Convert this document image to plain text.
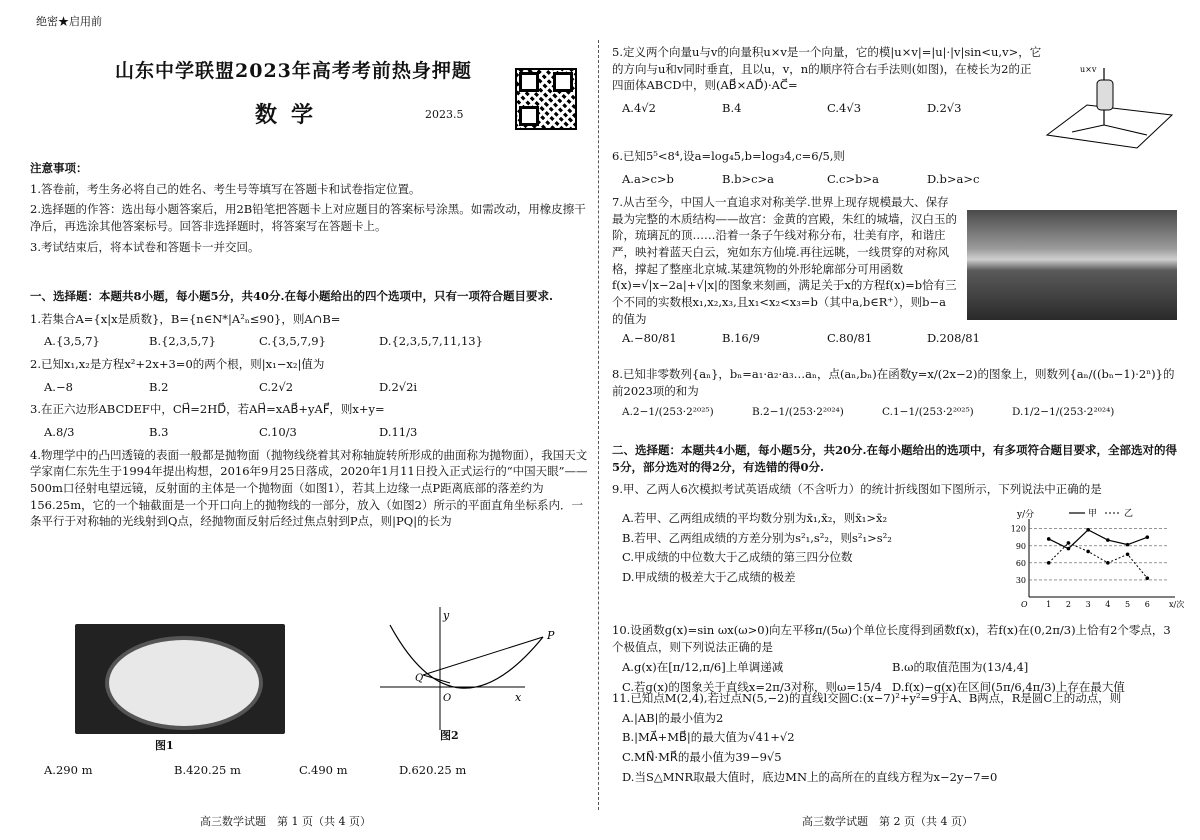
绝密★启用前
山东中学联盟2023年高考考前热身押题
数学	2023.5

注意事项：

1.答卷前，考生务必将自己的姓名、考生号等填写在答题卡和试卷指定位置。

2.选择题的作答：选出每小题答案后，用2B铅笔把答题卡上对应题目的答案标号涂黑。如需改动，用橡皮擦干净后，再选涂其他答案标号。回答非选择题时，将答案写在答题卡上。

3.考试结束后，将本试卷和答题卡一并交回。

一、选择题：本题共8小题，每小题5分，共40分.在每小题给出的四个选项中，只有一项符合题目要求.

1.若集合A={x|x是质数}，B={n∈N*|A²ₙ≤90}，则A∩B=

A.{3,5,7}	B.{2,3,5,7}	C.{3,5,7,9}	D.{2,3,5,7,11,13}

2.已知x₁,x₂是方程x²+2x+3=0的两个根，则|x₁−x₂|值为

A.−8	B.2	C.2√2	D.2√2i

3.在正六边形ABCDEF中，CH⃗=2HD⃗，若AH⃗=xAB⃗+yAF⃗，则x+y=

A.8/3	B.3	C.10/3	D.11/3

4.物理学中的凸凹透镜的表面一般都是抛物面（抛物线绕着其对称轴旋转所形成的曲面称为抛物面），我国天文学家南仁东先生于1994年提出构想，2016年9月25日落成，2020年1月11日投入正式运行的“中国天眼”——500m口径射电望远镜，反射面的主体是一个抛物面（如图1），若其上边缘一点P距离底部的落差约为156.25m，它的一个轴截面是一个开口向上的抛物线的一部分，放入（如图2）所示的平面直角坐标系内．一条平行于对称轴的光线射到Q点，经抛物面反射后经过焦点射到P点，则|PQ|的长为

图1
y
x
O
Q
P
图2
A.290 m	B.420.25 m	C.490 m	D.620.25 m
高三数学试题　第 1 页（共 4 页）

5.定义两个向量u与v的向量积u×v是一个向量，它的模|u×v|=|u|·|v|sin<u,v>，它的方向与u和v同时垂直，且以u，v，n的顺序符合右手法则(如图)，在棱长为2的正四面体ABCD中，则(AB⃗×AD⃗)·AC⃗=

A.4√2	B.4	C.4√3	D.2√3
u×v

6.已知5⁵<8⁴,设a=log₄5,b=log₃4,c=6/5,则

A.a>c>b	B.b>c>a	C.c>b>a	D.b>a>c

7.从古至今，中国人一直追求对称美学.世界上现存规模最大、保存最为完整的木质结构——故宫：金黄的宫殿，朱红的城墙，汉白玉的阶，琉璃瓦的顶……沿着一条子午线对称分布，壮美有序，和谐庄严，映衬着蓝天白云，宛如东方仙境.再往远眺，一线贯穿的对称风格，撑起了整座北京城.某建筑物的外形轮廓部分可用函数f(x)=√|x−2a|+√|x|的图象来刻画，满足关于x的方程f(x)=b恰有三个不同的实数根x₁,x₂,x₃,且x₁<x₂<x₃=b（其中a,b∈R⁺），则b−a的值为

A.−80/81	B.16/9	C.80/81	D.208/81

8.已知非零数列{aₙ}，bₙ=a₁·a₂·a₃…aₙ，点(aₙ,bₙ)在函数y=x/(2x−2)的图象上，则数列{aₙ/((bₙ−1)·2ⁿ)}的前2023项的和为

A.2−1/(253·2²⁰²⁵)	B.2−1/(253·2²⁰²⁴)	C.1−1/(253·2²⁰²⁵)	D.1/2−1/(253·2²⁰²⁴)

二、选择题：本题共4小题，每小题5分，共20分.在每小题给出的选项中，有多项符合题目要求，全部选对的得5分，部分选对的得2分，有选错的得0分.

9.甲、乙两人6次模拟考试英语成绩（不含听力）的统计折线图如下图所示，下列说法中正确的是

A.若甲、乙两组成绩的平均数分别为x̄₁,x̄₂，则x̄₁>x̄₂

B.若甲、乙两组成绩的方差分别为s²₁,s²₂，则s²₁>s²₂

C.甲成绩的中位数大于乙成绩的第三四分位数

D.甲成绩的极差大于乙成绩的极差

y/分	甲	乙
30
60
90
120
1 2 3 4 5 6
O	x/次

10.设函数g(x)=sin ωx(ω>0)向左平移π/(5ω)个单位长度得到函数f(x)，若f(x)在(0,2π/3)上恰有2个零点，3个极值点，则下列说法正确的是

A.g(x)在[π/12,π/6]上单调递减	B.ω的取值范围为(13/4,4]
C.若g(x)的图象关于直线x=2π/3对称，则ω=15/4 D.f(x)−g(x)在区间(5π/6,4π/3)上存在最大值

11.已知点M(2,4),若过点N(5,−2)的直线l交圆C:(x−7)²+y²=9于A、B两点，R是圆C上的动点，则

A.|AB|的最小值为2

B.|MA⃗+MB⃗|的最大值为√41+√2

C.MN⃗·MR⃗的最小值为39−9√5

D.当S△MNR取最大值时，底边MN上的高所在的直线方程为x−2y−7=0

高三数学试题　第 2 页（共 4 页）
